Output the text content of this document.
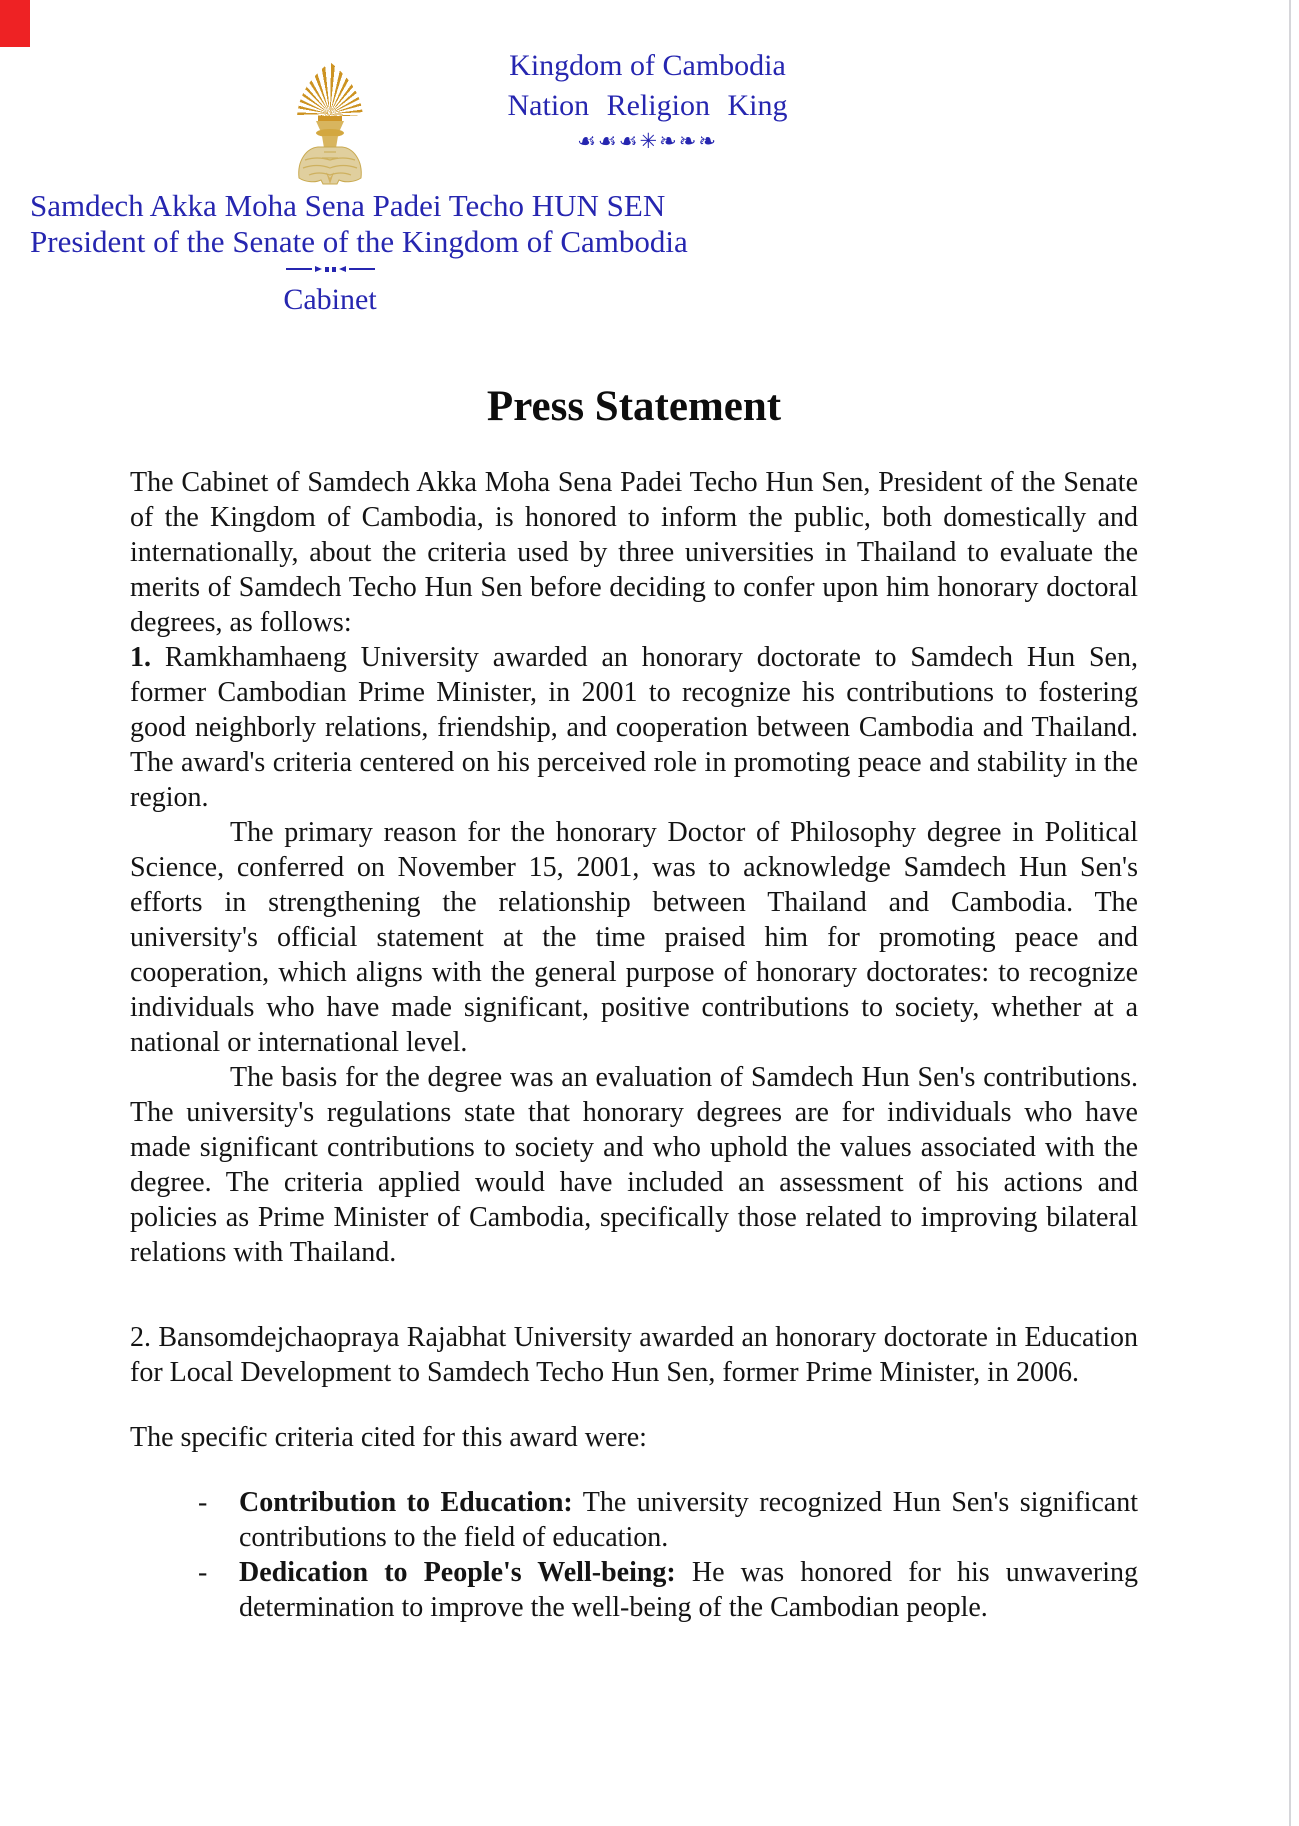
Samdech Akka Moha Sena Padei Techo HUN SEN
President of the Senate of the Kingdom of Cambodia
Cabinet
Kingdom of Cambodia
Nation Religion King
☙☙☙✳❧❧❧
Press Statement

The Cabinet of Samdech Akka Moha Sena Padei Techo Hun Sen, President of the Senate of the Kingdom of Cambodia, is honored to inform the public, both domestically and internationally, about the criteria used by three universities in Thailand to evaluate the merits of Samdech Techo Hun Sen before deciding to confer upon him honorary doctoral degrees, as follows:

1. Ramkhamhaeng University awarded an honorary doctorate to Samdech Hun Sen, former Cambodian Prime Minister, in 2001 to recognize his contributions to fostering good neighborly relations, friendship, and cooperation between Cambodia and Thailand. The award's criteria centered on his perceived role in promoting peace and stability in the region.

The primary reason for the honorary Doctor of Philosophy degree in Political Science, conferred on November 15, 2001, was to acknowledge Samdech Hun Sen's efforts in strengthening the relationship between Thailand and Cambodia. The university's official statement at the time praised him for promoting peace and cooperation, which aligns with the general purpose of honorary doctorates: to recognize individuals who have made significant, positive contributions to society, whether at a national or international level.

The basis for the degree was an evaluation of Samdech Hun Sen's contributions. The university's regulations state that honorary degrees are for individuals who have made significant contributions to society and who uphold the values associated with the degree. The criteria applied would have included an assessment of his actions and policies as Prime Minister of Cambodia, specifically those related to improving bilateral relations with Thailand.

2. Bansomdejchaopraya Rajabhat University awarded an honorary doctorate in Education for Local Development to Samdech Techo Hun Sen, former Prime Minister, in 2006.

The specific criteria cited for this award were:

- Contribution to Education: The university recognized Hun Sen's significant contributions to the field of education.
- Dedication to People's Well-being: He was honored for his unwavering determination to improve the well-being of the Cambodian people.
